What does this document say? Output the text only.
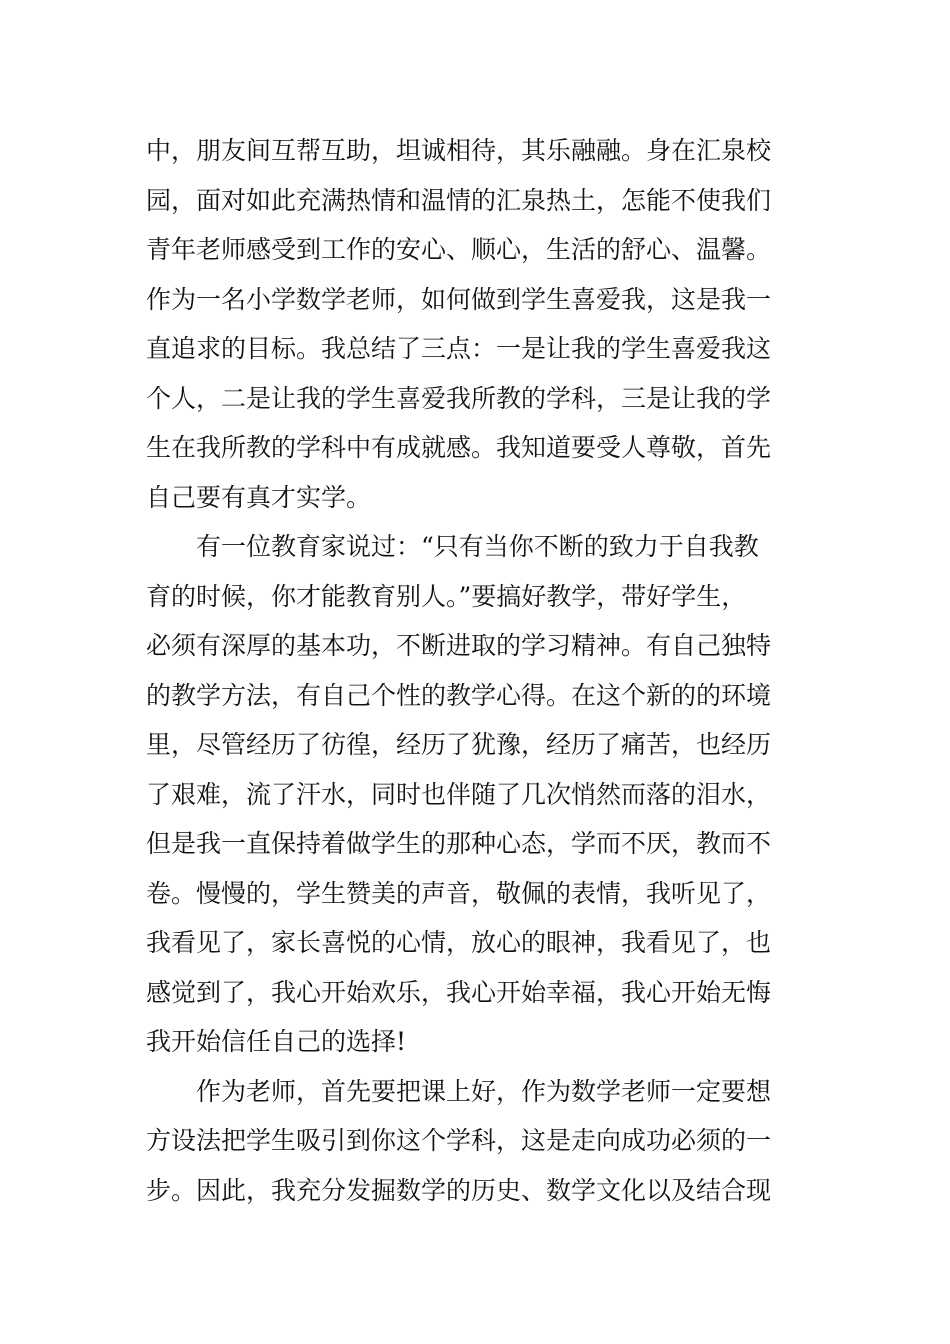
中，朋友间互帮互助，坦诚相待，其乐融融。身在汇泉校
园，面对如此充满热情和温情的汇泉热土，怎能不使我们
青年老师感受到工作的安心、顺心，生活的舒心、温馨。
作为一名小学数学老师，如何做到学生喜爱我，这是我一
直追求的目标。我总结了三点：一是让我的学生喜爱我这
个人，二是让我的学生喜爱我所教的学科，三是让我的学
生在我所教的学科中有成就感。我知道要受人尊敬，首先
自己要有真才实学。
　　有一位教育家说过：“只有当你不断的致力于自我教
育的时候，你才能教育别人。”要搞好教学，带好学生，
必须有深厚的基本功，不断进取的学习精神。有自己独特
的教学方法，有自己个性的教学心得。在这个新的的环境
里，尽管经历了彷徨，经历了犹豫，经历了痛苦，也经历
了艰难，流了汗水，同时也伴随了几次悄然而落的泪水，
但是我一直保持着做学生的那种心态，学而不厌，教而不
卷。慢慢的，学生赞美的声音，敬佩的表情，我听见了，
我看见了，家长喜悦的心情，放心的眼神，我看见了，也
感觉到了，我心开始欢乐，我心开始幸福，我心开始无悔
我开始信任自己的选择!
　　作为老师，首先要把课上好，作为数学老师一定要想
方设法把学生吸引到你这个学科，这是走向成功必须的一
步。因此，我充分发掘数学的历史、数学文化以及结合现
